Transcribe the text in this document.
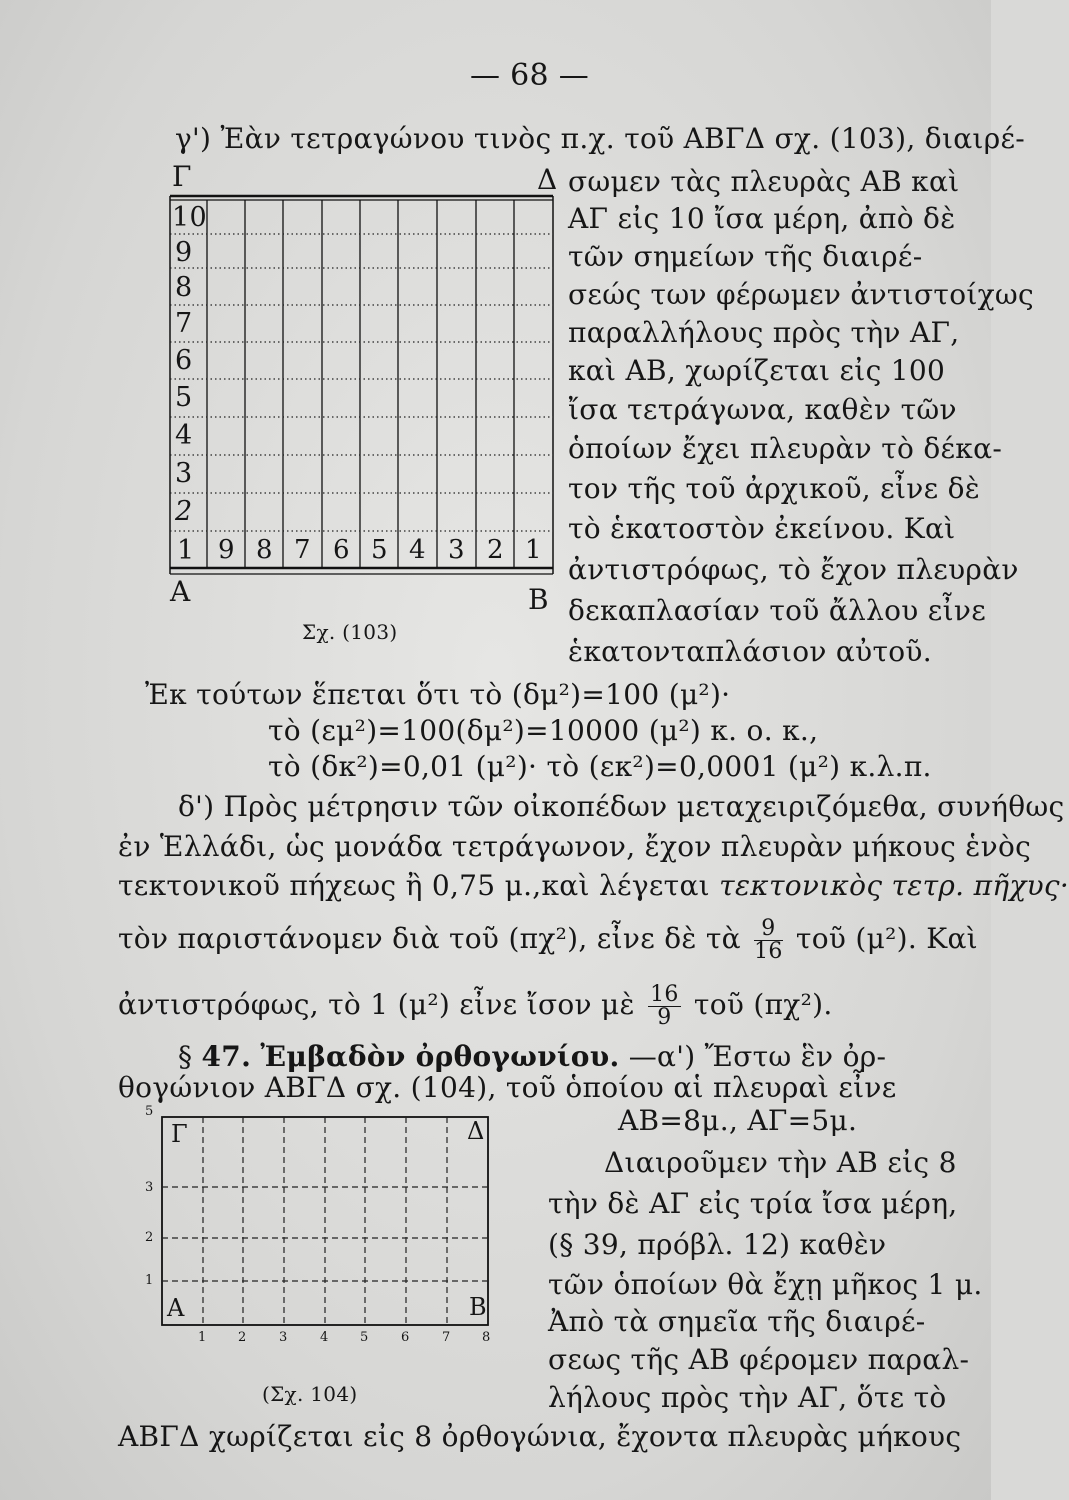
— 68 —
γ') Ἐὰν τετραγώνου τινὸς π.χ. τοῦ ΑΒΓΔ σχ. (103), διαιρέ-
Γ	Δ
Α	Β
10
9
8
7
6
5
4
3
2
1 9 8 7 6 5 4 3 2 1
Σχ. (103)
σωμεν τὰς πλευρὰς ΑΒ καὶ
ΑΓ εἰς 10 ἴσα μέρη, ἀπὸ δὲ
τῶν σημείων τῆς διαιρέ-
σεώς των φέρωμεν ἀντιστοίχως
παραλλήλους πρὸς τὴν ΑΓ,
καὶ ΑΒ, χωρίζεται εἰς 100
ἴσα τετράγωνα, καθὲν τῶν
ὁποίων ἔχει πλευρὰν τὸ δέκα-
τον τῆς τοῦ ἀρχικοῦ, εἶνε δὲ
τὸ ἑκατοστὸν ἐκείνου. Καὶ
ἀντιστρόφως, τὸ ἔχον πλευρὰν
δεκαπλασίαν τοῦ ἄλλου εἶνε
ἑκατονταπλάσιον αὐτοῦ.
Ἐκ τούτων ἕπεται ὅτι τὸ (δμ²)=100 (μ²)·
τὸ (εμ²)=100(δμ²)=10000 (μ²) κ. ο. κ.,
τὸ (δκ²)=0,01 (μ²)· τὸ (εκ²)=0,0001 (μ²) κ.λ.π.
δ') Πρὸς μέτρησιν τῶν οἰκοπέδων μεταχειριζόμεθα, συνήθως
ἐν Ἑλλάδι, ὡς μονάδα τετράγωνον, ἔχον πλευρὰν μήκους ἑνὸς
τεκτονικοῦ πήχεως ἢ 0,75 μ.,καὶ λέγεται τεκτονικὸς τετρ. πῆχυς·
τὸν παριστάνομεν διὰ τοῦ (πχ²), εἶνε δὲ τὰ $\frac{9}{16}$ τοῦ (μ²). Καὶ
ἀντιστρόφως, τὸ 1 (μ²) εἶνε ἴσον μὲ $\frac{16}{9}$ τοῦ (πχ²).
§ 47. Ἐμβαδὸν ὀρθογωνίου. —α') Ἔστω ἓν ὀρ-
θογώνιον ΑΒΓΔ σχ. (104), τοῦ ὁποίου αἱ πλευραὶ εἶνε
ΑΒ=8μ., ΑΓ=5μ.
Γ	Δ
Α	Β
5
3
2
1
1 2 3 4 5 6 7 8
(Σχ. 104)
Διαιροῦμεν τὴν ΑΒ εἰς 8
τὴν δὲ ΑΓ εἰς τρία ἴσα μέρη,
(§ 39, πρόβλ. 12) καθὲν
τῶν ὁποίων θὰ ἔχῃ μῆκος 1 μ.
Ἀπὸ τὰ σημεῖα τῆς διαιρέ-
σεως τῆς ΑΒ φέρομεν παραλ-
λήλους πρὸς τὴν ΑΓ, ὅτε τὸ
ΑΒΓΔ χωρίζεται εἰς 8 ὀρθογώνια, ἔχοντα πλευρὰς μήκους
